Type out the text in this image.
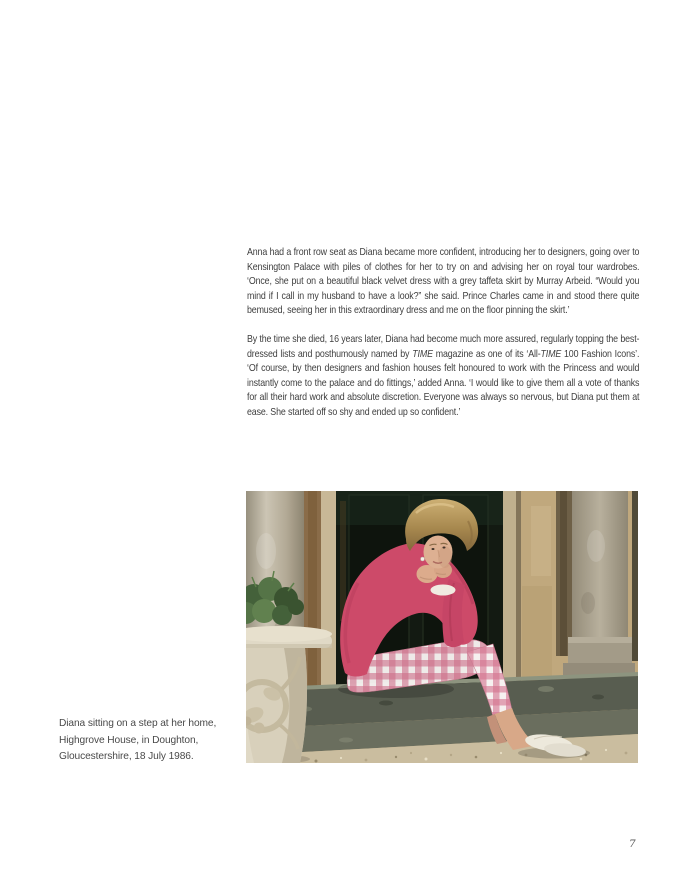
Anna had a front row seat as Diana became more confident, introducing her to designers, going over to Kensington Palace with piles of clothes for her to try on and advising her on royal tour wardrobes. ‘Once, she put on a beautiful black velvet dress with a grey taffeta skirt by Murray Arbeid. “Would you mind if I call in my husband to have a look?” she said. Prince Charles came in and stood there quite bemused, seeing her in this extraordinary dress and me on the floor pinning the skirt.’

By the time she died, 16 years later, Diana had become much more assured, regularly topping the best-dressed lists and posthumously named by TIME magazine as one of its ‘All-TIME 100 Fashion Icons’. ‘Of course, by then designers and fashion houses felt honoured to work with the Princess and would instantly come to the palace and do fittings,’ added Anna. ‘I would like to give them all a vote of thanks for all their hard work and absolute discretion. Everyone was always so nervous, but Diana put them at ease. She started off so shy and ended up so confident.’

Diana sitting on a step at her home,
Highgrove House, in Doughton,
Gloucestershire, 18 July 1986.
7
